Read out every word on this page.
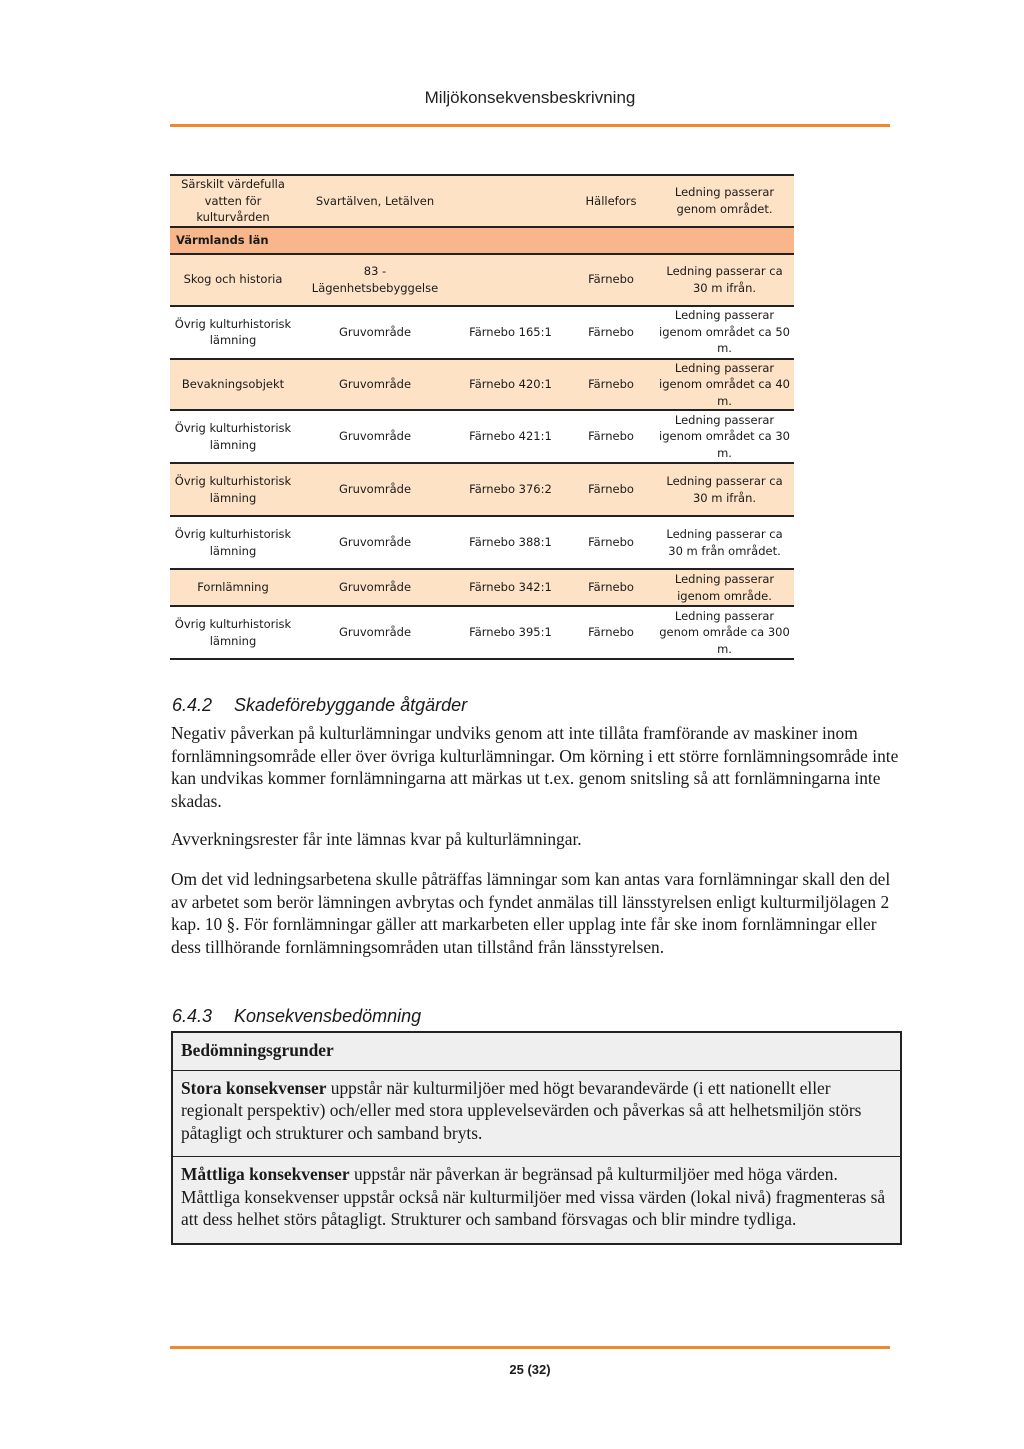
Miljökonsekvensbeskrivning
Särskilt värdefulla vatten för kulturvården	Svartälven, Letälven		Hällefors	Ledning passerar genom området.
Värmlands län				
Skog och historia	83 - Lägenhetsbebyggelse		Färnebo	Ledning passerar ca 30 m ifrån.
Övrig kulturhistorisk lämning	Gruvområde	Färnebo 165:1	Färnebo	Ledning passerar igenom området ca 50 m.
Bevakningsobjekt	Gruvområde	Färnebo 420:1	Färnebo	Ledning passerar igenom området ca 40 m.
Övrig kulturhistorisk lämning	Gruvområde	Färnebo 421:1	Färnebo	Ledning passerar igenom området ca 30 m.
Övrig kulturhistorisk lämning	Gruvområde	Färnebo 376:2	Färnebo	Ledning passerar ca 30 m ifrån.
Övrig kulturhistorisk lämning	Gruvområde	Färnebo 388:1	Färnebo	Ledning passerar ca 30 m från området.
Fornlämning	Gruvområde	Färnebo 342:1	Färnebo	Ledning passerar igenom område.
Övrig kulturhistorisk lämning	Gruvområde	Färnebo 395:1	Färnebo	Ledning passerar genom område ca 300 m.
6.4.2 Skadeförebyggande åtgärder

Negativ påverkan på kulturlämningar undviks genom att inte tillåta framförande av maskiner inom fornlämningsområde eller över övriga kulturlämningar. Om körning i ett större fornlämningsområde inte kan undvikas kommer fornlämningarna att märkas ut t.ex. genom snitsling så att fornlämningarna inte skadas.

Avverkningsrester får inte lämnas kvar på kulturlämningar.

Om det vid ledningsarbetena skulle påträffas lämningar som kan antas vara fornlämningar skall den del av arbetet som berör lämningen avbrytas och fyndet anmälas till länsstyrelsen enligt kulturmiljölagen 2 kap. 10 §. För fornlämningar gäller att markarbeten eller upplag inte får ske inom fornlämningar eller dess tillhörande fornlämningsområden utan tillstånd från länsstyrelsen.

6.4.3 Konsekvensbedömning
Bedömningsgrunder
Stora konsekvenser uppstår när kulturmiljöer med högt bevarandevärde (i ett nationellt eller regionalt perspektiv) och/eller med stora upplevelsevärden och påverkas så att helhetsmiljön störs påtagligt och strukturer och samband bryts.
Måttliga konsekvenser uppstår när påverkan är begränsad på kulturmiljöer med höga värden. Måttliga konsekvenser uppstår också när kulturmiljöer med vissa värden (lokal nivå) fragmenteras så att dess helhet störs påtagligt. Strukturer och samband försvagas och blir mindre tydliga.
25 (32)
